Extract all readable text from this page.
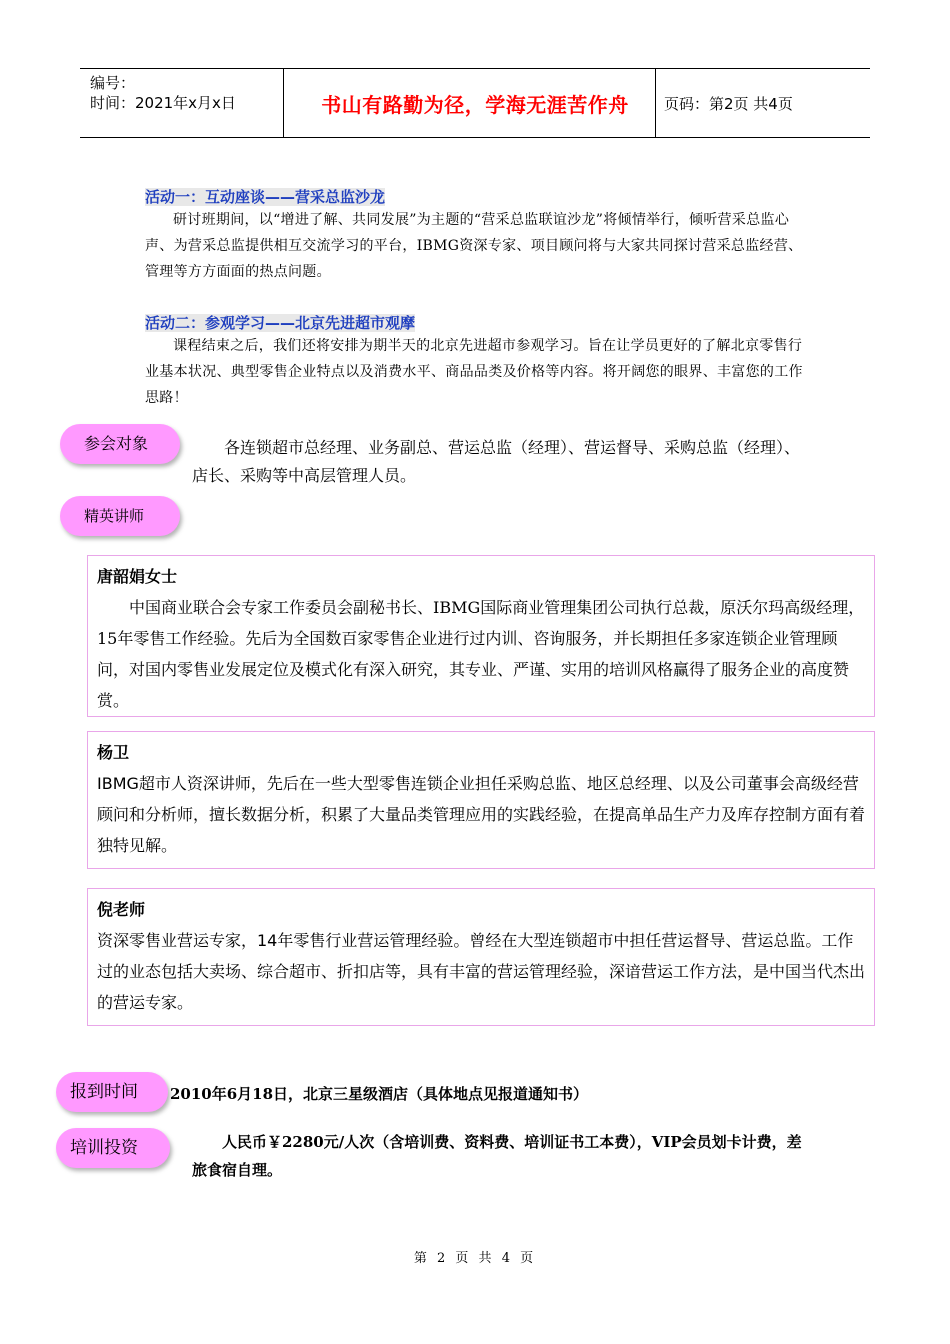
编号：
时间：2021年x月x日	书山有路勤为径，学海无涯苦作舟	页码：第2页 共4页
活动一：互动座谈——营采总监沙龙
研讨班期间，以“增进了解、共同发展”为主题的“营采总监联谊沙龙”将倾情举行，倾听营采总监心声、为营采总监提供相互交流学习的平台，IBMG资深专家、项目顾问将与大家共同探讨营采总监经营、管理等方方面面的热点问题。
活动二：参观学习——北京先进超市观摩
课程结束之后，我们还将安排为期半天的北京先进超市参观学习。旨在让学员更好的了解北京零售行业基本状况、典型零售企业特点以及消费水平、商品品类及价格等内容。将开阔您的眼界、丰富您的工作思路！
参会对象	各连锁超市总经理、业务副总、营运总监（经理）、营运督导、采购总监（经理）、店长、采购等中高层管理人员。
精英讲师
唐韶娟女士
中国商业联合会专家工作委员会副秘书长、IBMG国际商业管理集团公司执行总裁，原沃尔玛高级经理，15年零售工作经验。先后为全国数百家零售企业进行过内训、咨询服务，并长期担任多家连锁企业管理顾问，对国内零售业发展定位及模式化有深入研究，其专业、严谨、实用的培训风格赢得了服务企业的高度赞赏。
杨卫
IBMG超市人资深讲师，先后在一些大型零售连锁企业担任采购总监、地区总经理、以及公司董事会高级经营顾问和分析师，擅长数据分析，积累了大量品类管理应用的实践经验，在提高单品生产力及库存控制方面有着独特见解。
倪老师
资深零售业营运专家，14年零售行业营运管理经验。曾经在大型连锁超市中担任营运督导、营运总监。工作过的业态包括大卖场、综合超市、折扣店等，具有丰富的营运管理经验，深谙营运工作方法，是中国当代杰出的营运专家。
报到时间	2010年6月18日，北京三星级酒店（具体地点见报道通知书）
培训投资	人民币￥2280元/人次（含培训费、资料费、培训证书工本费），VIP会员划卡计费，差旅食宿自理。
第 2 页 共 4 页
